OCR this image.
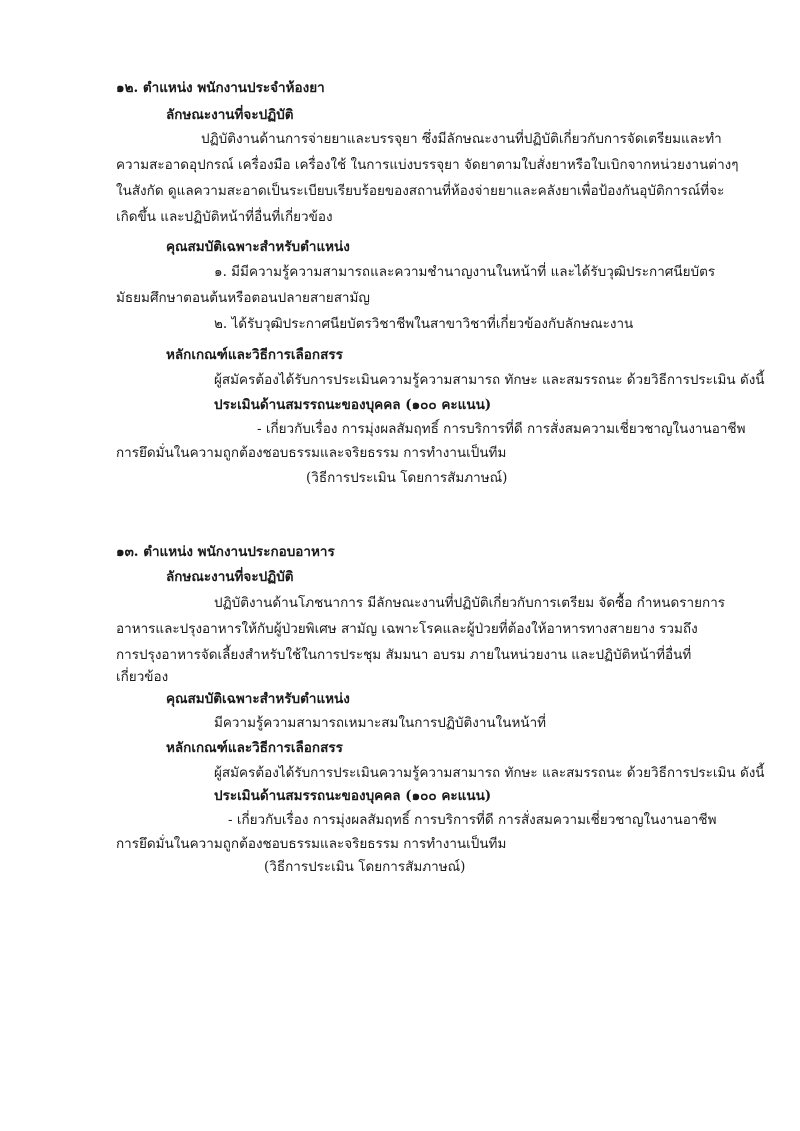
๑๒. ตำแหน่ง พนักงานประจำห้องยา
ลักษณะงานที่จะปฏิบัติ
ปฏิบัติงานด้านการจ่ายยาและบรรจุยา ซึ่งมีลักษณะงานที่ปฏิบัติเกี่ยวกับการจัดเตรียมและทำ
ความสะอาดอุปกรณ์ เครื่องมือ เครื่องใช้ ในการแบ่งบรรจุยา จัดยาตามใบสั่งยาหรือใบเบิกจากหน่วยงานต่างๆ
ในสังกัด ดูแลความสะอาดเป็นระเบียบเรียบร้อยของสถานที่ห้องจ่ายยาและคลังยาเพื่อป้องกันอุบัติการณ์ที่จะ
เกิดขึ้น และปฏิบัติหน้าที่อื่นที่เกี่ยวข้อง
คุณสมบัติเฉพาะสำหรับตำแหน่ง
๑. มีมีความรู้ความสามารถและความชำนาญงานในหน้าที่ และได้รับวุฒิประกาศนียบัตร
มัธยมศึกษาตอนต้นหรือตอนปลายสายสามัญ
๒. ได้รับวุฒิประกาศนียบัตรวิชาชีพในสาขาวิชาที่เกี่ยวข้องกับลักษณะงาน
หลักเกณฑ์และวิธีการเลือกสรร
ผู้สมัครต้องได้รับการประเมินความรู้ความสามารถ ทักษะ และสมรรถนะ ด้วยวิธีการประเมิน ดังนี้
ประเมินด้านสมรรถนะของบุคคล (๑๐๐ คะแนน)
- เกี่ยวกับเรื่อง การมุ่งผลสัมฤทธิ์ การบริการที่ดี การสั่งสมความเชี่ยวชาญในงานอาชีพ
การยึดมั่นในความถูกต้องชอบธรรมและจริยธรรม การทำงานเป็นทีม
(วิธีการประเมิน โดยการสัมภาษณ์)
๑๓. ตำแหน่ง พนักงานประกอบอาหาร
ลักษณะงานที่จะปฏิบัติ
ปฏิบัติงานด้านโภชนาการ มีลักษณะงานที่ปฏิบัติเกี่ยวกับการเตรียม จัดซื้อ กำหนดรายการ
อาหารและปรุงอาหารให้กับผู้ป่วยพิเศษ สามัญ เฉพาะโรคและผู้ป่วยที่ต้องให้อาหารทางสายยาง รวมถึง
การปรุงอาหารจัดเลี้ยงสำหรับใช้ในการประชุม สัมมนา อบรม ภายในหน่วยงาน และปฏิบัติหน้าที่อื่นที่
เกี่ยวข้อง
คุณสมบัติเฉพาะสำหรับตำแหน่ง
มีความรู้ความสามารถเหมาะสมในการปฏิบัติงานในหน้าที่
หลักเกณฑ์และวิธีการเลือกสรร
ผู้สมัครต้องได้รับการประเมินความรู้ความสามารถ ทักษะ และสมรรถนะ ด้วยวิธีการประเมิน ดังนี้
ประเมินด้านสมรรถนะของบุคคล (๑๐๐ คะแนน)
- เกี่ยวกับเรื่อง การมุ่งผลสัมฤทธิ์ การบริการที่ดี การสั่งสมความเชี่ยวชาญในงานอาชีพ
การยึดมั่นในความถูกต้องชอบธรรมและจริยธรรม การทำงานเป็นทีม
(วิธีการประเมิน โดยการสัมภาษณ์)
